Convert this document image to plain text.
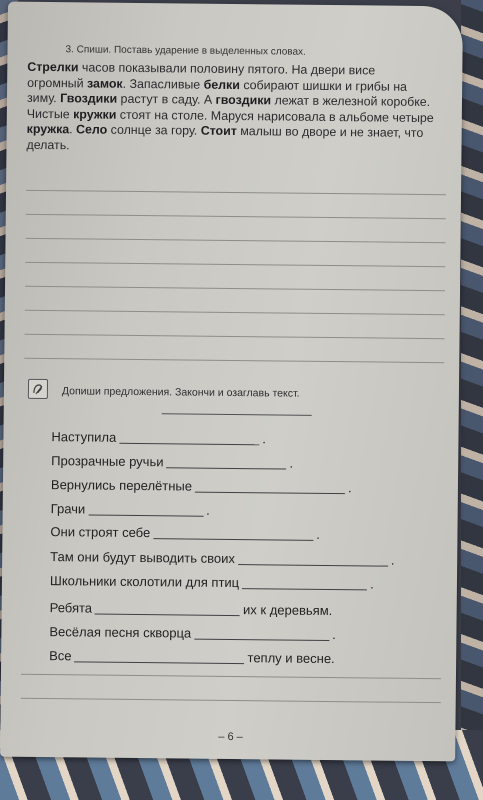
3. Спиши. Поставь ударение в выделенных словах.
Стрелки часов показывали половину пятого. На двери висе
огромный замок. Запасливые белки собирают шишки и грибы на
зиму. Гвоздики растут в саду. А гвоздики лежат в железной коробке.
Чистые кружки стоят на столе. Маруся нарисовала в альбоме четыре
кружка. Село солнце за гору. Стоит малыш во дворе и не знает, что
делать.
Допиши предложения. Закончи и озаглавь текст.
Наступила	.
Прозрачные ручьи	.
Вернулись перелётные	.
Грачи	.
Они строят себе	.
Там они будут выводить своих	.
Школьники сколотили для птиц	.
Ребята	их к деревьям.
Весёлая песня скворца	.
Все	теплу и весне.
– 6 –
